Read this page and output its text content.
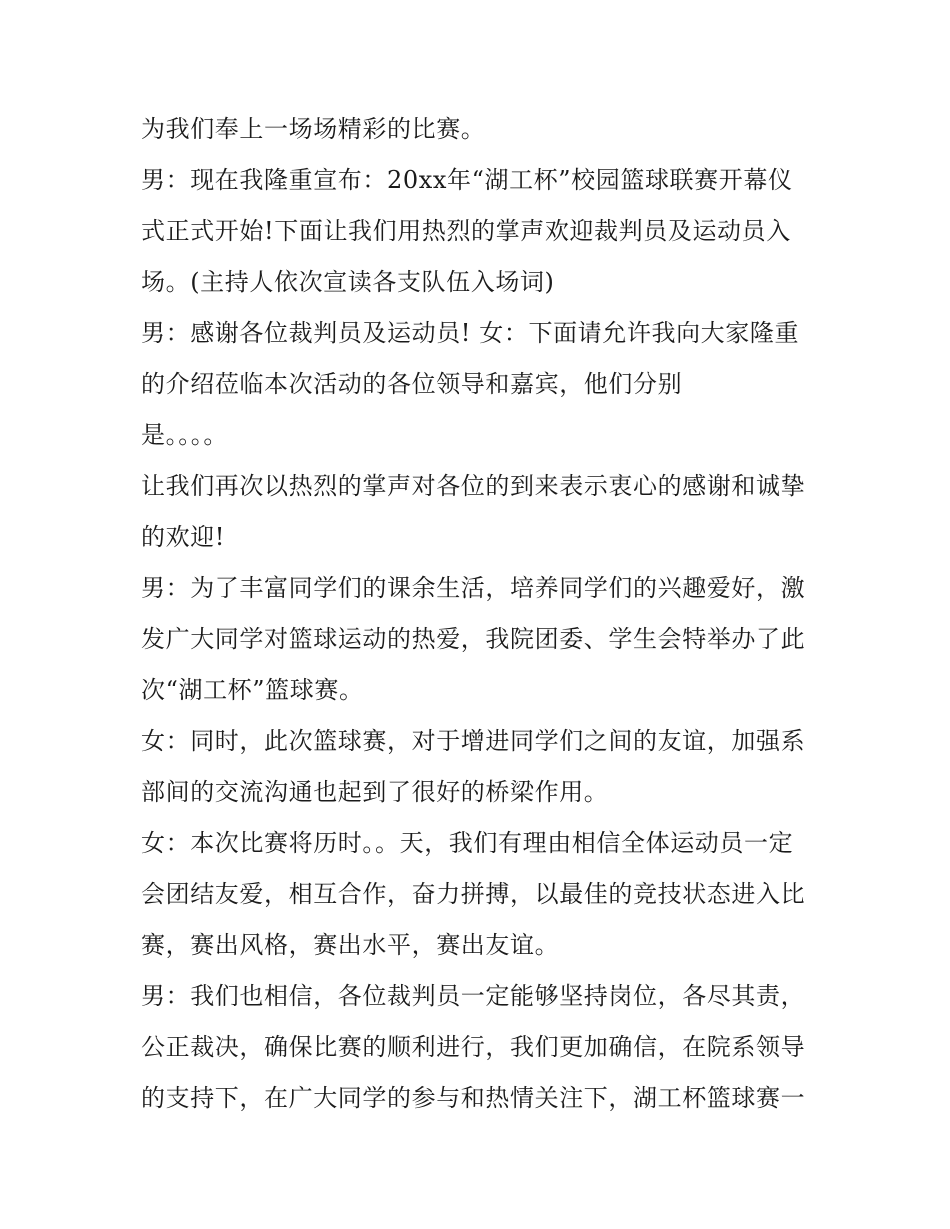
为我们奉上一场场精彩的比赛。
男：现在我隆重宣布：20xx年“湖工杯”校园篮球联赛开幕仪
式正式开始!下面让我们用热烈的掌声欢迎裁判员及运动员入
场。(主持人依次宣读各支队伍入场词)
男：感谢各位裁判员及运动员! 女：下面请允许我向大家隆重
的介绍莅临本次活动的各位领导和嘉宾，他们分别
是。。。。
让我们再次以热烈的掌声对各位的到来表示衷心的感谢和诚挚
的欢迎!
男：为了丰富同学们的课余生活，培养同学们的兴趣爱好，激
发广大同学对篮球运动的热爱，我院团委、学生会特举办了此
次“湖工杯”篮球赛。
女：同时，此次篮球赛，对于增进同学们之间的友谊，加强系
部间的交流沟通也起到了很好的桥梁作用。
女：本次比赛将历时。。天，我们有理由相信全体运动员一定
会团结友爱，相互合作，奋力拼搏，以最佳的竞技状态进入比
赛，赛出风格，赛出水平，赛出友谊。
男：我们也相信，各位裁判员一定能够坚持岗位，各尽其责，
公正裁决，确保比赛的顺利进行，我们更加确信，在院系领导
的支持下，在广大同学的参与和热情关注下，湖工杯篮球赛一
